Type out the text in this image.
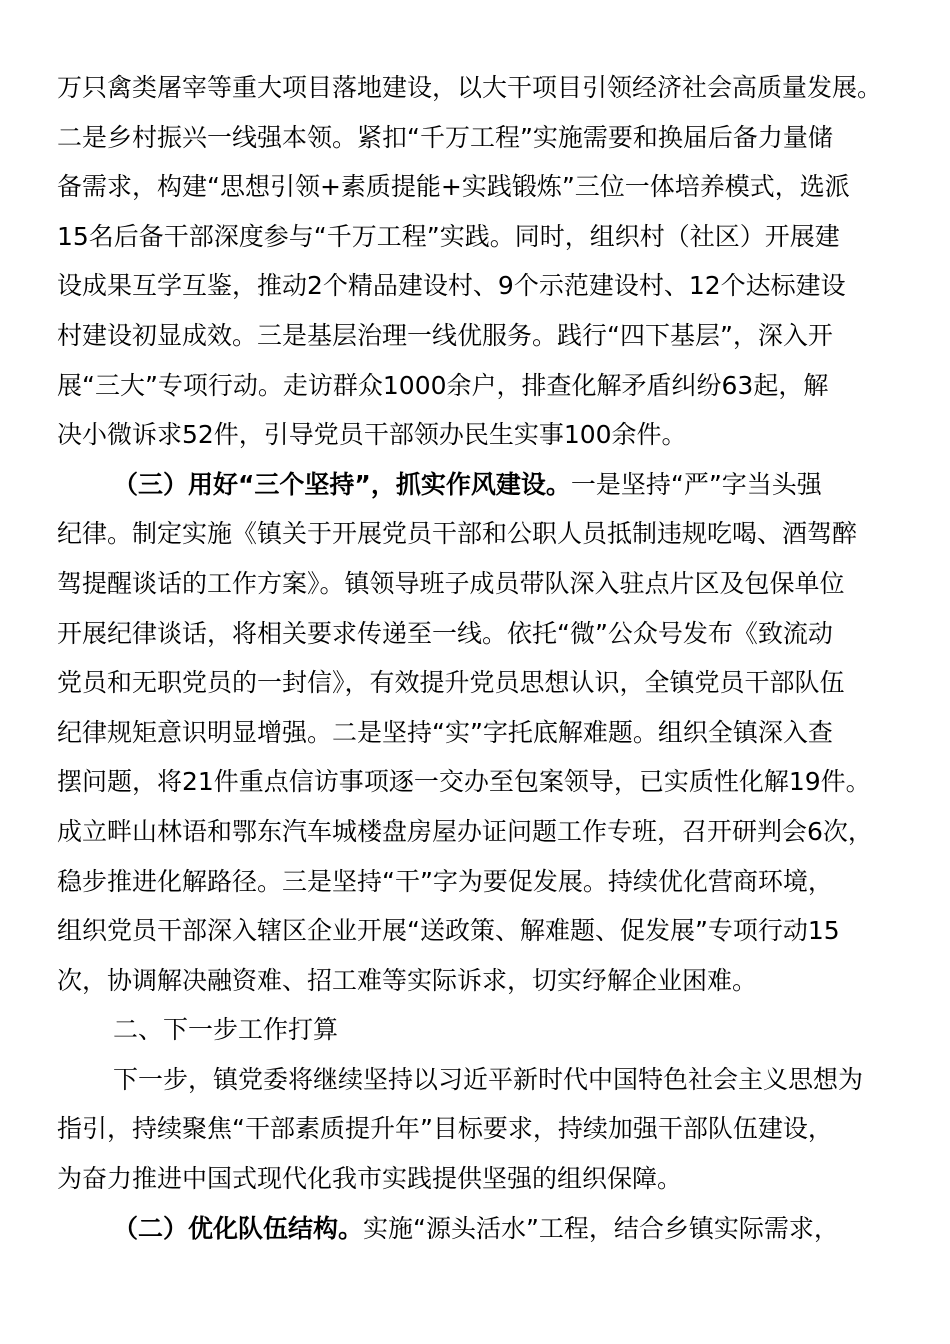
万只禽类屠宰等重大项目落地建设，以大干项目引领经济社会高质量发展。
二是乡村振兴一线强本领。紧扣“千万工程”实施需要和换届后备力量储
备需求，构建“思想引领+素质提能+实践锻炼”三位一体培养模式，选派
15名后备干部深度参与“千万工程”实践。同时，组织村（社区）开展建
设成果互学互鉴，推动2个精品建设村、9个示范建设村、12个达标建设
村建设初显成效。三是基层治理一线优服务。践行“四下基层”，深入开
展“三大”专项行动。走访群众1000余户，排查化解矛盾纠纷63起，解
决小微诉求52件，引导党员干部领办民生实事100余件。
（三）用好“三个坚持”，抓实作风建设。一是坚持“严”字当头强
纪律。制定实施《镇关于开展党员干部和公职人员抵制违规吃喝、酒驾醉
驾提醒谈话的工作方案》。镇领导班子成员带队深入驻点片区及包保单位
开展纪律谈话，将相关要求传递至一线。依托“微”公众号发布《致流动
党员和无职党员的一封信》，有效提升党员思想认识，全镇党员干部队伍
纪律规矩意识明显增强。二是坚持“实”字托底解难题。组织全镇深入查
摆问题，将21件重点信访事项逐一交办至包案领导，已实质性化解19件。
成立畔山林语和鄂东汽车城楼盘房屋办证问题工作专班，召开研判会6次，
稳步推进化解路径。三是坚持“干”字为要促发展。持续优化营商环境，
组织党员干部深入辖区企业开展“送政策、解难题、促发展”专项行动15
次，协调解决融资难、招工难等实际诉求，切实纾解企业困难。
二、下一步工作打算
下一步，镇党委将继续坚持以习近平新时代中国特色社会主义思想为
指引，持续聚焦“干部素质提升年”目标要求，持续加强干部队伍建设，
为奋力推进中国式现代化我市实践提供坚强的组织保障。
（二）优化队伍结构。实施“源头活水”工程，结合乡镇实际需求，
